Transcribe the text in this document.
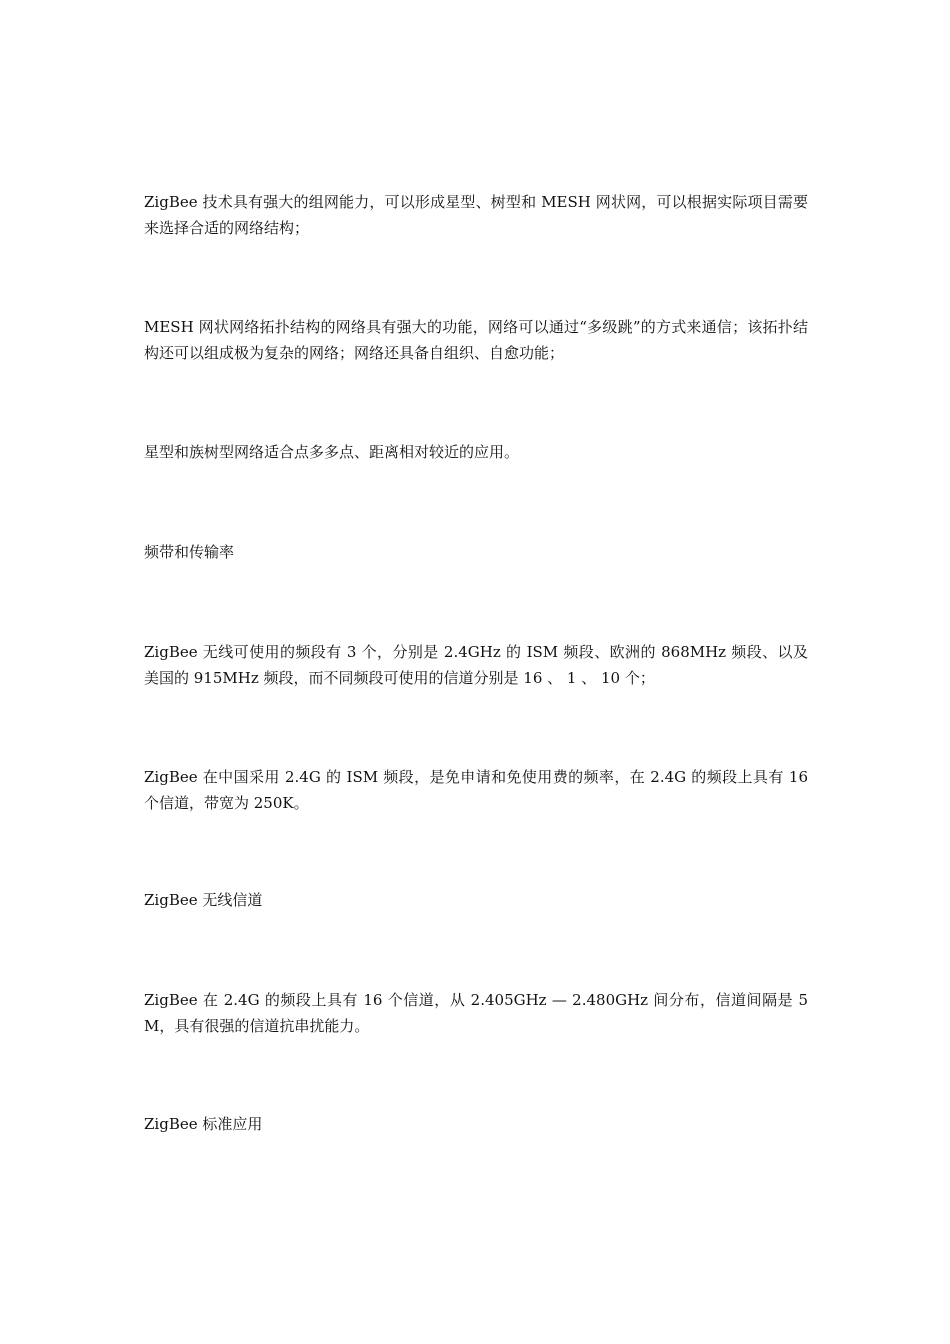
ZigBee 技术具有强大的组网能力，可以形成星型、树型和 MESH 网状网，可以根据实际项目需要来选择合适的网络结构；

MESH 网状网络拓扑结构的网络具有强大的功能，网络可以通过“多级跳”的方式来通信；该拓扑结构还可以组成极为复杂的网络；网络还具备自组织、自愈功能；

星型和族树型网络适合点多多点、距离相对较近的应用。

频带和传输率

ZigBee 无线可使用的频段有 3 个，分别是 2.4GHz 的 ISM 频段、欧洲的 868MHz 频段、以及美国的 915MHz 频段，而不同频段可使用的信道分别是 16 、 1 、 10 个；

ZigBee 在中国采用 2.4G 的 ISM 频段，是免申请和免使用费的频率，在 2.4G 的频段上具有 16 个信道，带宽为 250K。

ZigBee 无线信道

ZigBee 在 2.4G 的频段上具有 16 个信道，从 2.405GHz — 2.480GHz 间分布，信道间隔是 5M，具有很强的信道抗串扰能力。

ZigBee 标准应用
